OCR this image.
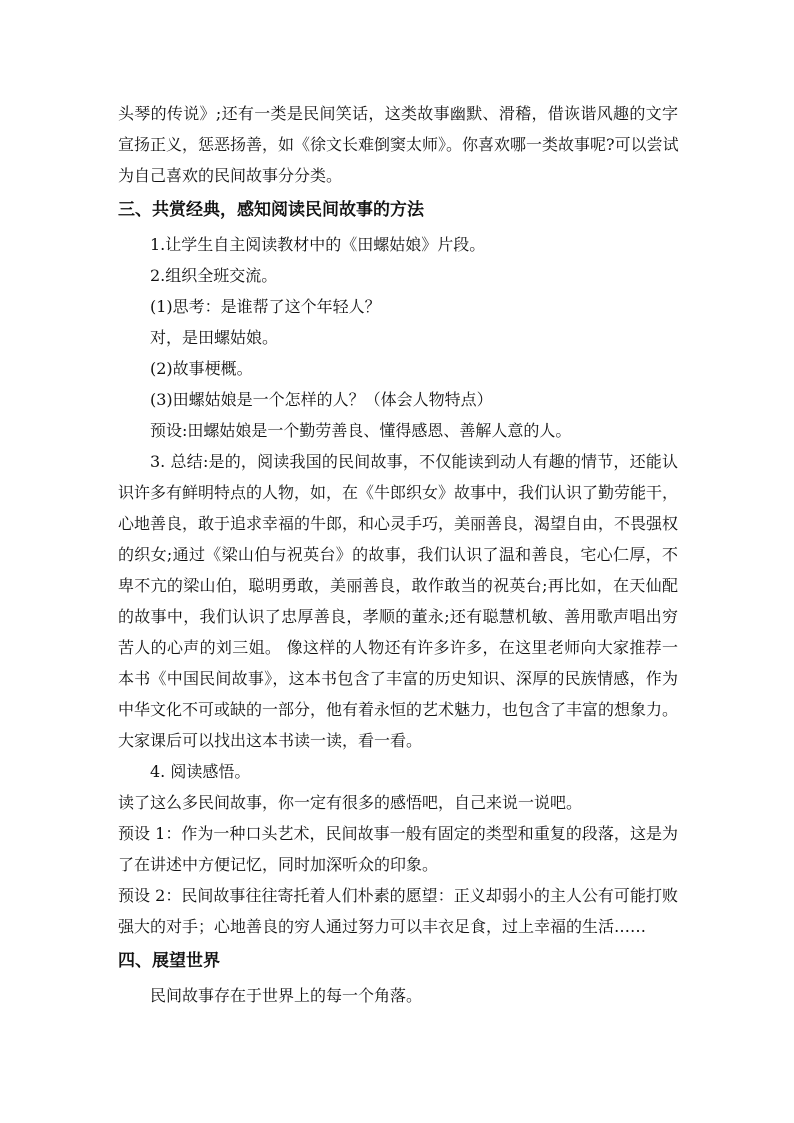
头琴的传说》;还有一类是民间笑话，这类故事幽默、滑稽，借诙谐风趣的文字
宣扬正义，惩恶扬善，如《徐文长难倒窦太师》。你喜欢哪一类故事呢?可以尝试
为自己喜欢的民间故事分分类。
三、共赏经典，感知阅读民间故事的方法
1.让学生自主阅读教材中的《田螺姑娘》片段。
2.组织全班交流。
(1)思考：是谁帮了这个年轻人？
对，是田螺姑娘。
(2)故事梗概。
(3)田螺姑娘是一个怎样的人？（体会人物特点）
预设:田螺姑娘是一个勤劳善良、懂得感恩、善解人意的人。
3. 总结:是的，阅读我国的民间故事，不仅能读到动人有趣的情节，还能认
识许多有鲜明特点的人物，如，在《牛郎织女》故事中，我们认识了勤劳能干，
心地善良，敢于追求幸福的牛郎，和心灵手巧，美丽善良，渴望自由，不畏强权
的织女;通过《梁山伯与祝英台》的故事，我们认识了温和善良，宅心仁厚，不
卑不亢的梁山伯，聪明勇敢，美丽善良，敢作敢当的祝英台;再比如，在天仙配
的故事中，我们认识了忠厚善良，孝顺的董永;还有聪慧机敏、善用歌声唱出穷
苦人的心声的刘三姐。 像这样的人物还有许多许多，在这里老师向大家推荐一
本书《中国民间故事》，这本书包含了丰富的历史知识、深厚的民族情感，作为
中华文化不可或缺的一部分，他有着永恒的艺术魅力，也包含了丰富的想象力。
大家课后可以找出这本书读一读，看一看。
4. 阅读感悟。
读了这么多民间故事，你一定有很多的感悟吧，自己来说一说吧。
预设 1：作为一种口头艺术，民间故事一般有固定的类型和重复的段落，这是为
了在讲述中方便记忆，同时加深听众的印象。
预设 2：民间故事往往寄托着人们朴素的愿望：正义却弱小的主人公有可能打败
强大的对手；心地善良的穷人通过努力可以丰衣足食，过上幸福的生活……
四、展望世界
民间故事存在于世界上的每一个角落。
